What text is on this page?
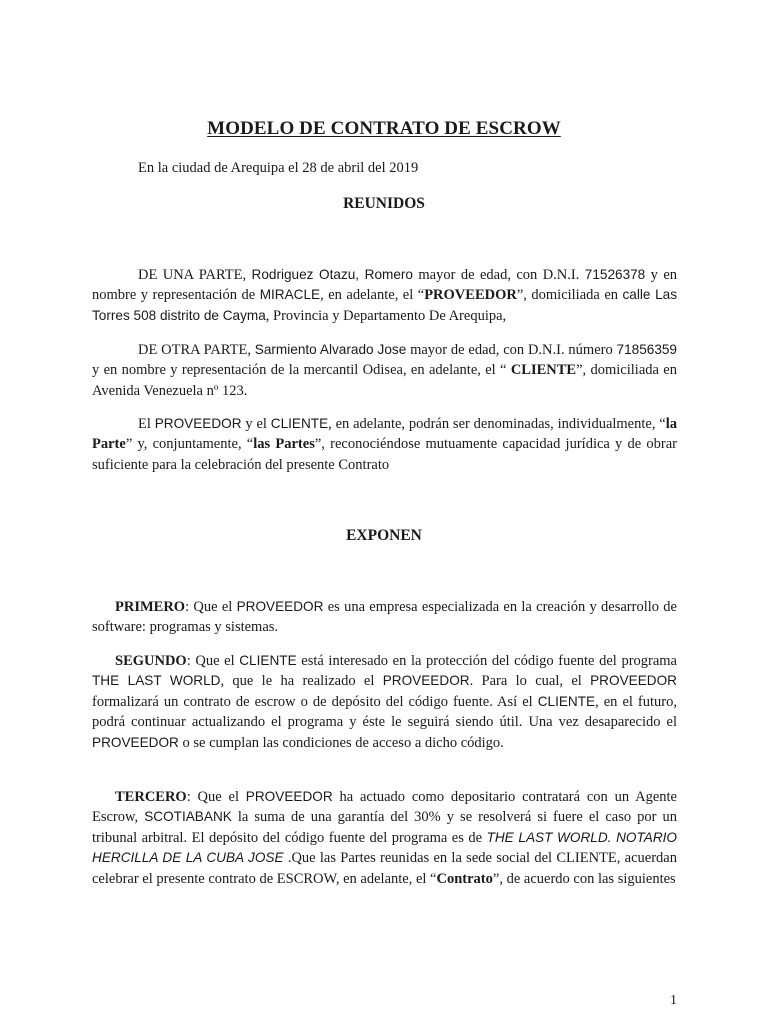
MODELO DE CONTRATO DE ESCROW
En la ciudad de Arequipa el 28 de abril del 2019
REUNIDOS
DE UNA PARTE, Rodriguez Otazu, Romero mayor de edad, con D.N.I. 71526378 y en nombre y representación de MIRACLE, en adelante, el “PROVEEDOR”, domiciliada en calle Las Torres 508 distrito de Cayma, Provincia y Departamento De Arequipa,
DE OTRA PARTE, Sarmiento Alvarado Jose mayor de edad, con D.N.I. número 71856359 y en nombre y representación de la mercantil Odisea, en adelante, el “ CLIENTE”, domiciliada en Avenida Venezuela nº 123.
El PROVEEDOR y el CLIENTE, en adelante, podrán ser denominadas, individualmente, “la Parte” y, conjuntamente, “las Partes”, reconociéndose mutuamente capacidad jurídica y de obrar suficiente para la celebración del presente Contrato
EXPONEN
PRIMERO: Que el PROVEEDOR es una empresa especializada en la creación y desarrollo de software: programas y sistemas.
SEGUNDO: Que el CLIENTE está interesado en la protección del código fuente del programa THE LAST WORLD, que le ha realizado el PROVEEDOR. Para lo cual, el PROVEEDOR formalizará un contrato de escrow o de depósito del código fuente. Así el CLIENTE, en el futuro, podrá continuar actualizando el programa y éste le seguirá siendo útil. Una vez desaparecido el PROVEEDOR o se cumplan las condiciones de acceso a dicho código.
TERCERO: Que el PROVEEDOR ha actuado como depositario contratará con un Agente Escrow, SCOTIABANK la suma de una garantía del 30% y se resolverá si fuere el caso por un tribunal arbitral. El depósito del código fuente del programa es de THE LAST WORLD. NOTARIO HERCILLA DE LA CUBA JOSE .Que las Partes reunidas en la sede social del CLIENTE, acuerdan celebrar el presente contrato de ESCROW, en adelante, el “Contrato”, de acuerdo con las siguientes
1
